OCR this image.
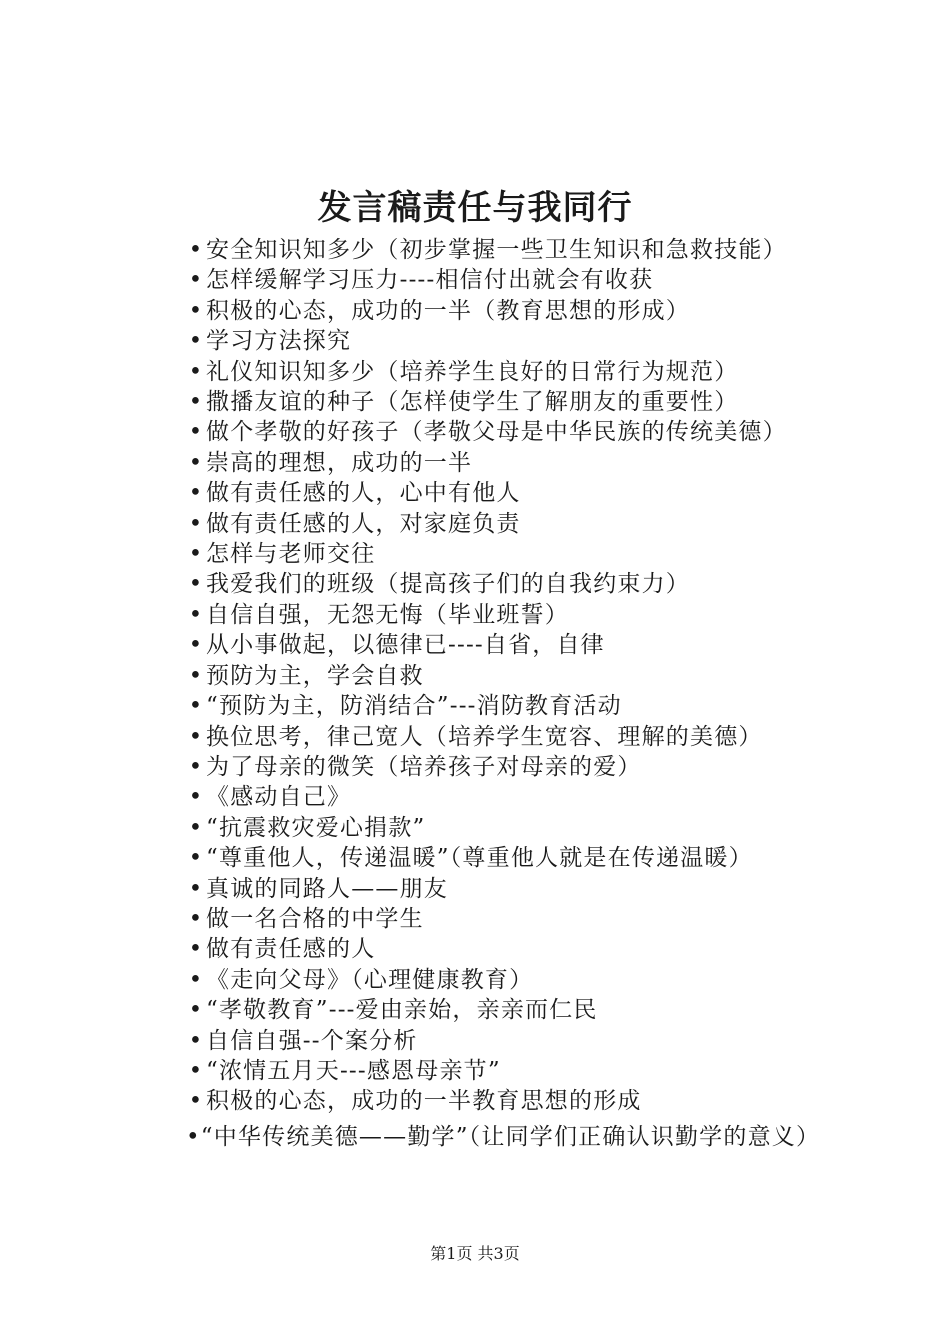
发言稿责任与我同行
• 安全知识知多少（初步掌握一些卫生知识和急救技能）
• 怎样缓解学习压力----相信付出就会有收获
• 积极的心态，成功的一半（教育思想的形成）
• 学习方法探究
• 礼仪知识知多少（培养学生良好的日常行为规范）
• 撒播友谊的种子（怎样使学生了解朋友的重要性）
• 做个孝敬的好孩子（孝敬父母是中华民族的传统美德）
• 崇高的理想，成功的一半
• 做有责任感的人，心中有他人
• 做有责任感的人，对家庭负责
• 怎样与老师交往
• 我爱我们的班级（提高孩子们的自我约束力）
• 自信自强，无怨无悔（毕业班誓）
• 从小事做起，以德律已----自省，自律
• 预防为主，学会自救
• “预防为主，防消结合”---消防教育活动
• 换位思考，律己宽人（培养学生宽容、理解的美德）
• 为了母亲的微笑（培养孩子对母亲的爱）
• 《感动自己》
• “抗震救灾爱心捐款”
• “尊重他人，传递温暖”（尊重他人就是在传递温暖）
• 真诚的同路人——朋友
• 做一名合格的中学生
• 做有责任感的人
• 《走向父母》（心理健康教育）
• “孝敬教育”---爱由亲始，亲亲而仁民
• 自信自强--个案分析
• “浓情五月天---感恩母亲节”
• 积极的心态，成功的一半教育思想的形成

•“中华传统美德——勤学”（让同学们正确认识勤学的意义）

第1页 共3页
